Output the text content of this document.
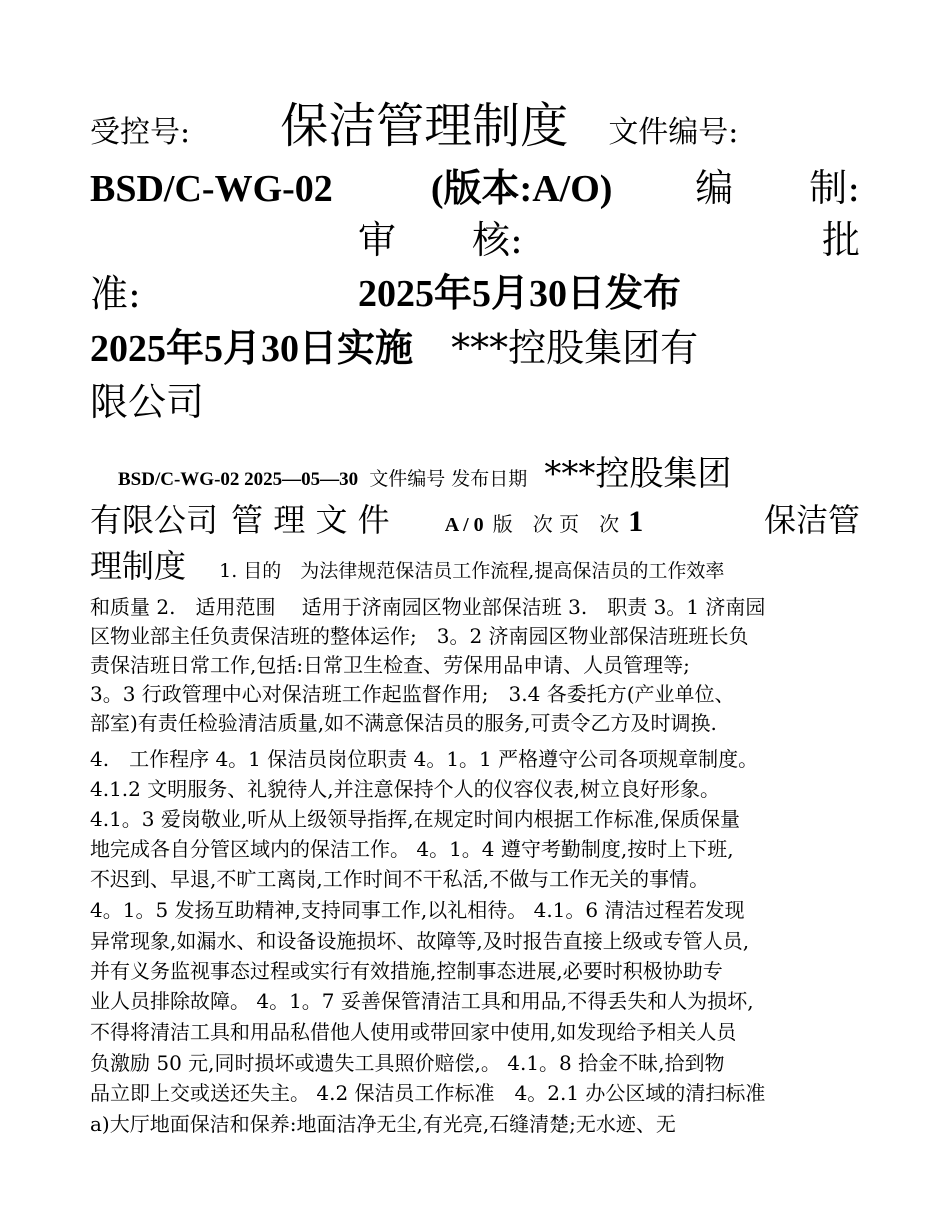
受控号: 保洁管理制度 文件编号:
BSD/C-WG-02	(版本:A/O) 编　　制:
审　　核:	批
准:	2025年5月30日发布
2025年5月30日实施 ***控股集团有
限公司
BSD/C-WG-02 2025—05—30 文件编号 发布日期 ***控股集团
有限公司 管 理 文 件	A / 0 版　次 页　次 1	保洁管
理制度 1. 目的　为法律规范保洁员工作流程,提高保洁员的工作效率
和质量 2.　适用范围　 适用于济南园区物业部保洁班 3.　职责 3。1 济南园
区物业部主任负责保洁班的整体运作;　3。2 济南园区物业部保洁班班长负
责保洁班日常工作,包括:日常卫生检查、劳保用品申请、人员管理等;
3。3 行政管理中心对保洁班工作起监督作用;　3.4 各委托方(产业单位、
部室)有责任检验清洁质量,如不满意保洁员的服务,可责令乙方及时调换.
4.　工作程序 4。1 保洁员岗位职责 4。1。1 严格遵守公司各项规章制度。
4.1.2 文明服务、礼貌待人,并注意保持个人的仪容仪表,树立良好形象。
4.1。3 爱岗敬业,听从上级领导指挥,在规定时间内根据工作标准,保质保量
地完成各自分管区域内的保洁工作。 4。1。4 遵守考勤制度,按时上下班,
不迟到、早退,不旷工离岗,工作时间不干私活,不做与工作无关的事情。
4。1。5 发扬互助精神,支持同事工作,以礼相待。 4.1。6 清洁过程若发现
异常现象,如漏水、和设备设施损坏、故障等,及时报告直接上级或专管人员,
并有义务监视事态过程或实行有效措施,控制事态进展,必要时积极协助专
业人员排除故障。 4。1。7 妥善保管清洁工具和用品,不得丢失和人为损坏,
不得将清洁工具和用品私借他人使用或带回家中使用,如发现给予相关人员
负激励 50 元,同时损坏或遗失工具照价赔偿,。 4.1。8 拾金不昧,拾到物
品立即上交或送还失主。 4.2 保洁员工作标准　4。2.1 办公区域的清扫标准
a)大厅地面保洁和保养:地面洁净无尘,有光亮,石缝清楚;无水迹、无
